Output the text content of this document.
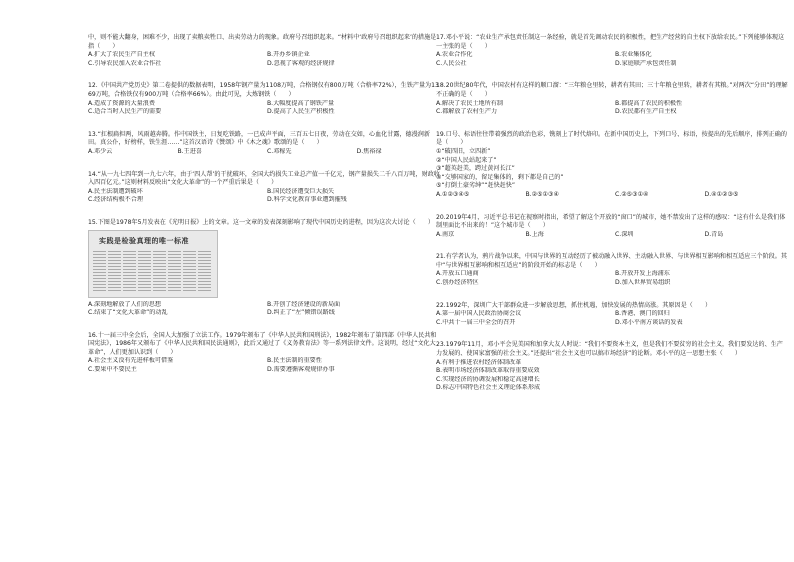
中，则不能大翻身，困难不少，出现了卖粮卖牲口、出卖劳动力的现象。政府号召组织起来。“材料中‘政府号召组织起来’的措施是指（　　）
A.扩大了农民生产自主权	B.开办乡镇企业
C.引导农民加入农业合作社	D.忽视了客观的经济规律
12.《中国共产党历史》第二卷提供的数据表明，1958年钢产量为1108万吨，合格钢仅有800万吨（合格率72%），生铁产量为1369万吨，合格铁仅有900万吨（合格率66%）。由此可见，大炼钢铁（　　）
A.造成了资源的大量浪费	B.大幅度提高了钢铁产量
C.适合当时人民生产的需要	D.提高了人民生产积极性
13.“扛根扁担两，风雨越奔腾。作中国铁主，日复吃铁路，一已成声平面，三百五七日夜，劳动在交如，心血化甘露，德漫润新田。真公仆，好榜样，铁生涯……”这首汉语诗《赞颂》中《木之魂》歌颂的是（　　）
A.邓少云	B.王进喜	C.邓稼先	D.焦裕禄
14.“从一九七四年到一九七六年，由于‘四人帮’的干扰破坏，全国大约损失工业总产值一千亿元，钢产量损失二千八百万吨，财政收入四百亿元。”这则材料反映出“文化大革命”的一个严重后果是（　　）
A.民主法制遭到破坏	B.国民经济遭受巨大损失
C.经济结构极不合理	D.科学文化教育事业遭到摧残
15.下图是1978年5月发表在《光明日报》上的文章。这一文章的发表深刻影响了现代中国历史的进程，因为这次大讨论（　　）
实践是检验真理的唯一标准
A.深刻地解放了人们的思想	B.开创了经济建设的新局面
C.结束了“文化大革命”的动乱	D.纠正了“左”倾错误路线
16.十一届三中全会后，全国人大加强了立法工作。1979年颁布了《中华人民共和国刑法》，1982年颁布了第四部《中华人民共和国宪法》，1986年又颁布了《中华人民共和国民法通则》，此后又通过了《义务教育法》等一系列法律文件。这说明，经过“文化大革命”，人们更加认识到（　　）
A.社会主义没有先进样板可借鉴	B.民主法制的重要性
C.要果中不要民主	D.需要遵循客观规律办事
17.邓小平说：“农业生产承包责任制这一条经验，就是首先调动农民的积极性，把生产经营的自主权下放给农民。”下列能够体现这一主张的是（　　）
A.农业合作化	B.农业集体化
C.人民公社	D.家庭联产承包责任制
18.20世纪80年代，中国农村有这样的顺口溜：“三年粮仓里转，耕者有其田；三十年粮仓里转，耕者有其粮。”对两次“分田”的理解不正确的是（　　）
A.解决了农民土地所有制	B.都提高了农民的积极性
C.都解放了农村生产力	D.农民都有生产自主权
19.口号、标语往往带着强烈的政治色彩，镌刻上了时代烙印。在新中国历史上，下列口号、标语，按提出的先后顺序，排列正确的是（　　）
①“破四旧，立四新”
②“中国人民站起来了”
③“超英赶美，跨过黄河长江”
④“交够国家的，留足集体的，剩下都是自己的”
⑤“打倒土豪劣绅”“赶快赶快”
A.①②③④⑤	B.②⑤①③④	C.②⑤③①④	D.④①②③⑤
20.2019年4月，习近平总书记在视察时指出，希望了解这个开放的“窗口”的城市，她不禁发出了这样的感叹：“这有什么是我们体制里面比不出来的！”这个城市是（　　）
A.南京	B.上海	C.深圳	D.青岛
21.有学者认为，鸦片战争以来，中国与世界的互动经历了被动融入世界、主动融入世界、与世界相互影响和相互适应三个阶段。其中“与世界相互影响和相互适应”的阶段开始的标志是（　　）
A.开放五口通商	B.开放开发上海浦东
C.创办经济特区	D.加入世界贸易组织
22.1992年，深圳广大干部群众进一步解放思想，抓住机遇，加快发展的热情高涨。其原因是（　　）
A.第一届中国人民政治协商会议	B.香港、澳门的回归
C.中共十一届三中全会的召开	D.邓小平南方谈话的发表
23.1979年11月，邓小平会见美国和加拿大友人时说：“我们不要资本主义，但是我们不要贫穷的社会主义，我们要发达的、生产力发展的、使国家富强的社会主义。”还提出“社会主义也可以搞市场经济”的论断。邓小平的这一思想主张（　　）
A.有利于推进农村经济体制改革
B.表明市场经济体制改革取得重要成效
C.实现经济的协调发展和稳定高速增长
D.标志中国特色社会主义理论体系形成
